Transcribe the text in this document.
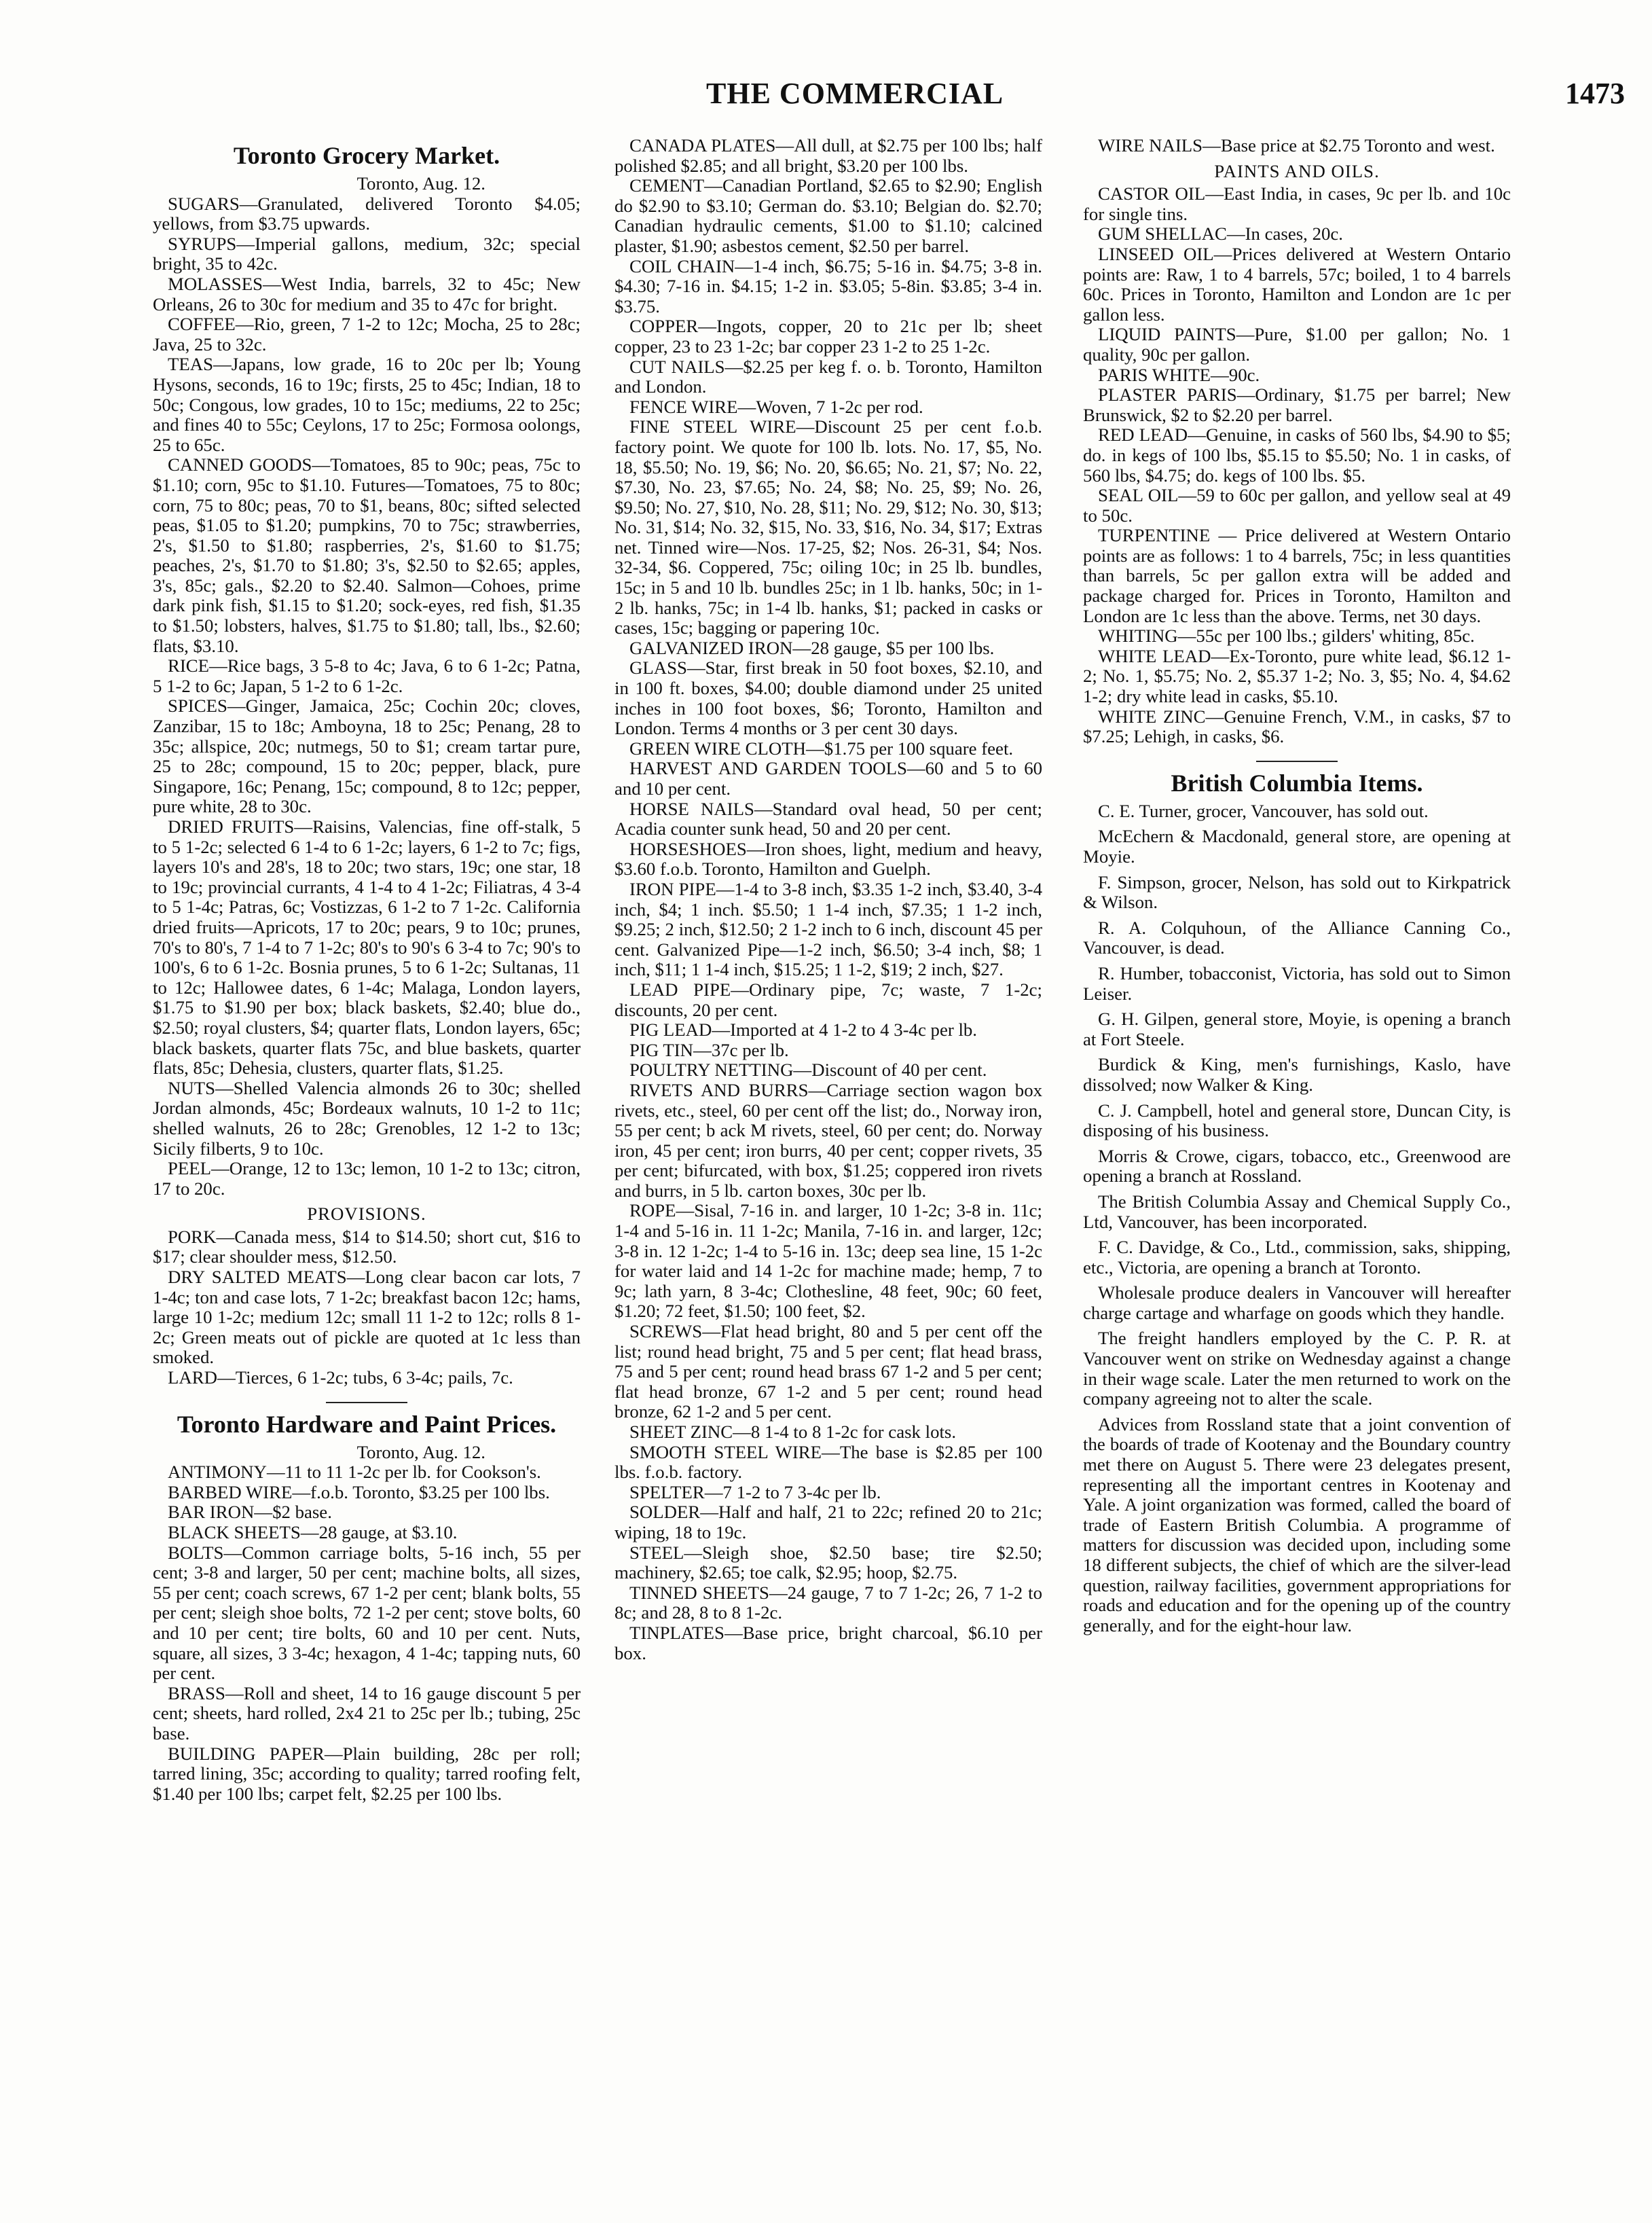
THE COMMERCIAL	1473
Toronto Grocery Market.

Toronto, Aug. 12.

SUGARS—Granulated, delivered Toronto $4.05; yellows, from $3.75 upwards.

SYRUPS—Imperial gallons, medium, 32c; special bright, 35 to 42c.

MOLASSES—West India, barrels, 32 to 45c; New Orleans, 26 to 30c for medium and 35 to 47c for bright.

COFFEE—Rio, green, 7 1-2 to 12c; Mocha, 25 to 28c; Java, 25 to 32c.

TEAS—Japans, low grade, 16 to 20c per lb; Young Hysons, seconds, 16 to 19c; firsts, 25 to 45c; Indian, 18 to 50c; Congous, low grades, 10 to 15c; mediums, 22 to 25c; and fines 40 to 55c; Ceylons, 17 to 25c; Formosa oolongs, 25 to 65c.

CANNED GOODS—Tomatoes, 85 to 90c; peas, 75c to $1.10; corn, 95c to $1.10. Futures—Tomatoes, 75 to 80c; corn, 75 to 80c; peas, 70 to $1, beans, 80c; sifted selected peas, $1.05 to $1.20; pumpkins, 70 to 75c; strawberries, 2's, $1.50 to $1.80; raspberries, 2's, $1.60 to $1.75; peaches, 2's, $1.70 to $1.80; 3's, $2.50 to $2.65; apples, 3's, 85c; gals., $2.20 to $2.40. Salmon—Cohoes, prime dark pink fish, $1.15 to $1.20; sock-eyes, red fish, $1.35 to $1.50; lobsters, halves, $1.75 to $1.80; tall, lbs., $2.60; flats, $3.10.

RICE—Rice bags, 3 5-8 to 4c; Java, 6 to 6 1-2c; Patna, 5 1-2 to 6c; Japan, 5 1-2 to 6 1-2c.

SPICES—Ginger, Jamaica, 25c; Cochin 20c; cloves, Zanzibar, 15 to 18c; Amboyna, 18 to 25c; Penang, 28 to 35c; allspice, 20c; nutmegs, 50 to $1; cream tartar pure, 25 to 28c; compound, 15 to 20c; pepper, black, pure Singapore, 16c; Penang, 15c; compound, 8 to 12c; pepper, pure white, 28 to 30c.

DRIED FRUITS—Raisins, Valencias, fine off-stalk, 5 to 5 1-2c; selected 6 1-4 to 6 1-2c; layers, 6 1-2 to 7c; figs, layers 10's and 28's, 18 to 20c; two stars, 19c; one star, 18 to 19c; provincial currants, 4 1-4 to 4 1-2c; Filiatras, 4 3-4 to 5 1-4c; Patras, 6c; Vostizzas, 6 1-2 to 7 1-2c. California dried fruits—Apricots, 17 to 20c; pears, 9 to 10c; prunes, 70's to 80's, 7 1-4 to 7 1-2c; 80's to 90's 6 3-4 to 7c; 90's to 100's, 6 to 6 1-2c. Bosnia prunes, 5 to 6 1-2c; Sultanas, 11 to 12c; Hallowee dates, 6 1-4c; Malaga, London layers, $1.75 to $1.90 per box; black baskets, $2.40; blue do., $2.50; royal clusters, $4; quarter flats, London layers, 65c; black baskets, quarter flats 75c, and blue baskets, quarter flats, 85c; Dehesia, clusters, quarter flats, $1.25.

NUTS—Shelled Valencia almonds 26 to 30c; shelled Jordan almonds, 45c; Bordeaux walnuts, 10 1-2 to 11c; shelled walnuts, 26 to 28c; Grenobles, 12 1-2 to 13c; Sicily filberts, 9 to 10c.

PEEL—Orange, 12 to 13c; lemon, 10 1-2 to 13c; citron, 17 to 20c.

PROVISIONS.

PORK—Canada mess, $14 to $14.50; short cut, $16 to $17; clear shoulder mess, $12.50.

DRY SALTED MEATS—Long clear bacon car lots, 7 1-4c; ton and case lots, 7 1-2c; breakfast bacon 12c; hams, large 10 1-2c; medium 12c; small 11 1-2 to 12c; rolls 8 1-2c; Green meats out of pickle are quoted at 1c less than smoked.

LARD—Tierces, 6 1-2c; tubs, 6 3-4c; pails, 7c.

Toronto Hardware and Paint Prices.

Toronto, Aug. 12.

ANTIMONY—11 to 11 1-2c per lb. for Cookson's.

BARBED WIRE—f.o.b. Toronto, $3.25 per 100 lbs.

BAR IRON—$2 base.

BLACK SHEETS—28 gauge, at $3.10.

BOLTS—Common carriage bolts, 5-16 inch, 55 per cent; 3-8 and larger, 50 per cent; machine bolts, all sizes, 55 per cent; coach screws, 67 1-2 per cent; blank bolts, 55 per cent; sleigh shoe bolts, 72 1-2 per cent; stove bolts, 60 and 10 per cent; tire bolts, 60 and 10 per cent. Nuts, square, all sizes, 3 3-4c; hexagon, 4 1-4c; tapping nuts, 60 per cent.

BRASS—Roll and sheet, 14 to 16 gauge discount 5 per cent; sheets, hard rolled, 2x4 21 to 25c per lb.; tubing, 25c base.

BUILDING PAPER—Plain building, 28c per roll; tarred lining, 35c; according to quality; tarred roofing felt, $1.40 per 100 lbs; carpet felt, $2.25 per 100 lbs.

CANADA PLATES—All dull, at $2.75 per 100 lbs; half polished $2.85; and all bright, $3.20 per 100 lbs.

CEMENT—Canadian Portland, $2.65 to $2.90; English do $2.90 to $3.10; German do. $3.10; Belgian do. $2.70; Canadian hydraulic cements, $1.00 to $1.10; calcined plaster, $1.90; asbestos cement, $2.50 per barrel.

COIL CHAIN—1-4 inch, $6.75; 5-16 in. $4.75; 3-8 in. $4.30; 7-16 in. $4.15; 1-2 in. $3.05; 5-8in. $3.85; 3-4 in. $3.75.

COPPER—Ingots, copper, 20 to 21c per lb; sheet copper, 23 to 23 1-2c; bar copper 23 1-2 to 25 1-2c.

CUT NAILS—$2.25 per keg f. o. b. Toronto, Hamilton and London.

FENCE WIRE—Woven, 7 1-2c per rod.

FINE STEEL WIRE—Discount 25 per cent f.o.b. factory point. We quote for 100 lb. lots. No. 17, $5, No. 18, $5.50; No. 19, $6; No. 20, $6.65; No. 21, $7; No. 22, $7.30, No. 23, $7.65; No. 24, $8; No. 25, $9; No. 26, $9.50; No. 27, $10, No. 28, $11; No. 29, $12; No. 30, $13; No. 31, $14; No. 32, $15, No. 33, $16, No. 34, $17; Extras net. Tinned wire—Nos. 17-25, $2; Nos. 26-31, $4; Nos. 32-34, $6. Coppered, 75c; oiling 10c; in 25 lb. bundles, 15c; in 5 and 10 lb. bundles 25c; in 1 lb. hanks, 50c; in 1-2 lb. hanks, 75c; in 1-4 lb. hanks, $1; packed in casks or cases, 15c; bagging or papering 10c.

GALVANIZED IRON—28 gauge, $5 per 100 lbs.

GLASS—Star, first break in 50 foot boxes, $2.10, and in 100 ft. boxes, $4.00; double diamond under 25 united inches in 100 foot boxes, $6; Toronto, Hamilton and London. Terms 4 months or 3 per cent 30 days.

GREEN WIRE CLOTH—$1.75 per 100 square feet.

HARVEST AND GARDEN TOOLS—60 and 5 to 60 and 10 per cent.

HORSE NAILS—Standard oval head, 50 per cent; Acadia counter sunk head, 50 and 20 per cent.

HORSESHOES—Iron shoes, light, medium and heavy, $3.60 f.o.b. Toronto, Hamilton and Guelph.

IRON PIPE—1-4 to 3-8 inch, $3.35 1-2 inch, $3.40, 3-4 inch, $4; 1 inch. $5.50; 1 1-4 inch, $7.35; 1 1-2 inch, $9.25; 2 inch, $12.50; 2 1-2 inch to 6 inch, discount 45 per cent. Galvanized Pipe—1-2 inch, $6.50; 3-4 inch, $8; 1 inch, $11; 1 1-4 inch, $15.25; 1 1-2, $19; 2 inch, $27.

LEAD PIPE—Ordinary pipe, 7c; waste, 7 1-2c; discounts, 20 per cent.

PIG LEAD—Imported at 4 1-2 to 4 3-4c per lb.

PIG TIN—37c per lb.

POULTRY NETTING—Discount of 40 per cent.

RIVETS AND BURRS—Carriage section wagon box rivets, etc., steel, 60 per cent off the list; do., Norway iron, 55 per cent; b ack M rivets, steel, 60 per cent; do. Norway iron, 45 per cent; iron burrs, 40 per cent; copper rivets, 35 per cent; bifurcated, with box, $1.25; coppered iron rivets and burrs, in 5 lb. carton boxes, 30c per lb.

ROPE—Sisal, 7-16 in. and larger, 10 1-2c; 3-8 in. 11c; 1-4 and 5-16 in. 11 1-2c; Manila, 7-16 in. and larger, 12c; 3-8 in. 12 1-2c; 1-4 to 5-16 in. 13c; deep sea line, 15 1-2c for water laid and 14 1-2c for machine made; hemp, 7 to 9c; lath yarn, 8 3-4c; Clothesline, 48 feet, 90c; 60 feet, $1.20; 72 feet, $1.50; 100 feet, $2.

SCREWS—Flat head bright, 80 and 5 per cent off the list; round head bright, 75 and 5 per cent; flat head brass, 75 and 5 per cent; round head brass 67 1-2 and 5 per cent; flat head bronze, 67 1-2 and 5 per cent; round head bronze, 62 1-2 and 5 per cent.

SHEET ZINC—8 1-4 to 8 1-2c for cask lots.

SMOOTH STEEL WIRE—The base is $2.85 per 100 lbs. f.o.b. factory.

SPELTER—7 1-2 to 7 3-4c per lb.

SOLDER—Half and half, 21 to 22c; refined 20 to 21c; wiping, 18 to 19c.

STEEL—Sleigh shoe, $2.50 base; tire $2.50; machinery, $2.65; toe calk, $2.95; hoop, $2.75.

TINNED SHEETS—24 gauge, 7 to 7 1-2c; 26, 7 1-2 to 8c; and 28, 8 to 8 1-2c.

TINPLATES—Base price, bright charcoal, $6.10 per box.

WIRE NAILS—Base price at $2.75 Toronto and west.

PAINTS AND OILS.

CASTOR OIL—East India, in cases, 9c per lb. and 10c for single tins.

GUM SHELLAC—In cases, 20c.

LINSEED OIL—Prices delivered at Western Ontario points are: Raw, 1 to 4 barrels, 57c; boiled, 1 to 4 barrels 60c. Prices in Toronto, Hamilton and London are 1c per gallon less.

LIQUID PAINTS—Pure, $1.00 per gallon; No. 1 quality, 90c per gallon.

PARIS WHITE—90c.

PLASTER PARIS—Ordinary, $1.75 per barrel; New Brunswick, $2 to $2.20 per barrel.

RED LEAD—Genuine, in casks of 560 lbs, $4.90 to $5; do. in kegs of 100 lbs, $5.15 to $5.50; No. 1 in casks, of 560 lbs, $4.75; do. kegs of 100 lbs. $5.

SEAL OIL—59 to 60c per gallon, and yellow seal at 49 to 50c.

TURPENTINE — Price delivered at Western Ontario points are as follows: 1 to 4 barrels, 75c; in less quantities than barrels, 5c per gallon extra will be added and package charged for. Prices in Toronto, Hamilton and London are 1c less than the above. Terms, net 30 days.

WHITING—55c per 100 lbs.; gilders' whiting, 85c.

WHITE LEAD—Ex-Toronto, pure white lead, $6.12 1-2; No. 1, $5.75; No. 2, $5.37 1-2; No. 3, $5; No. 4, $4.62 1-2; dry white lead in casks, $5.10.

WHITE ZINC—Genuine French, V.M., in casks, $7 to $7.25; Lehigh, in casks, $6.

British Columbia Items.

C. E. Turner, grocer, Vancouver, has sold out.

McEchern & Macdonald, general store, are opening at Moyie.

F. Simpson, grocer, Nelson, has sold out to Kirkpatrick & Wilson.

R. A. Colquhoun, of the Alliance Canning Co., Vancouver, is dead.

R. Humber, tobacconist, Victoria, has sold out to Simon Leiser.

G. H. Gilpen, general store, Moyie, is opening a branch at Fort Steele.

Burdick & King, men's furnishings, Kaslo, have dissolved; now Walker & King.

C. J. Campbell, hotel and general store, Duncan City, is disposing of his business.

Morris & Crowe, cigars, tobacco, etc., Greenwood are opening a branch at Rossland.

The British Columbia Assay and Chemical Supply Co., Ltd, Vancouver, has been incorporated.

F. C. Davidge, & Co., Ltd., commission, saks, shipping, etc., Victoria, are opening a branch at Toronto.

Wholesale produce dealers in Vancouver will hereafter charge cartage and wharfage on goods which they handle.

The freight handlers employed by the C. P. R. at Vancouver went on strike on Wednesday against a change in their wage scale. Later the men returned to work on the company agreeing not to alter the scale.

Advices from Rossland state that a joint convention of the boards of trade of Kootenay and the Boundary country met there on August 5. There were 23 delegates present, representing all the important centres in Kootenay and Yale. A joint organization was formed, called the board of trade of Eastern British Columbia. A programme of matters for discussion was decided upon, including some 18 different subjects, the chief of which are the silver-lead question, railway facilities, government appropriations for roads and education and for the opening up of the country generally, and for the eight-hour law.
